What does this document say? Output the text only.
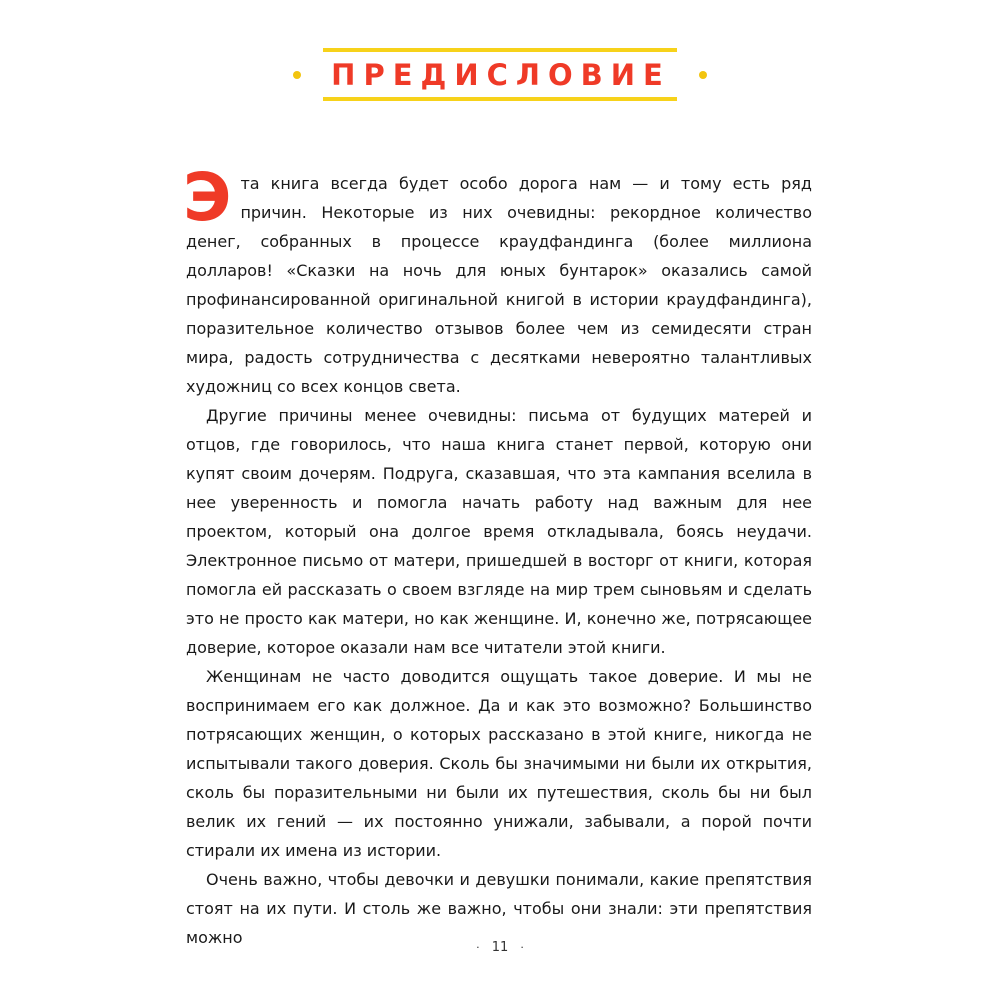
ПРЕДИСЛОВИЕ

Эта книга всегда будет особо дорога нам — и тому есть ряд причин. Некоторые из них очевидны: рекордное количество денег, собранных в процессе краудфандинга (более миллиона долларов! «Сказки на ночь для юных бунтарок» оказались самой профинансированной оригинальной книгой в истории краудфандинга), поразительное количество отзывов более чем из семидесяти стран мира, радость сотрудничества с десятками невероятно талантливых художниц со всех концов света.

Другие причины менее очевидны: письма от будущих матерей и отцов, где говорилось, что наша книга станет первой, которую они купят своим дочерям. Подруга, сказавшая, что эта кампания вселила в нее уверенность и помогла начать работу над важным для нее проектом, который она долгое время откладывала, боясь неудачи. Электронное письмо от матери, пришедшей в восторг от книги, которая помогла ей рассказать о своем взгляде на мир трем сыновьям и сделать это не просто как матери, но как женщине. И, конечно же, потрясающее доверие, которое оказали нам все читатели этой книги.

Женщинам не часто доводится ощущать такое доверие. И мы не воспринимаем его как должное. Да и как это возможно? Большинство потрясающих женщин, о которых рассказано в этой книге, никогда не испытывали такого доверия. Сколь бы значимыми ни были их открытия, сколь бы поразительными ни были их путешествия, сколь бы ни был велик их гений — их постоянно унижали, забывали, а порой почти стирали их имена из истории.

Очень важно, чтобы девочки и девушки понимали, какие препятствия стоят на их пути. И столь же важно, чтобы они знали: эти препятствия можно

· 11 ·
